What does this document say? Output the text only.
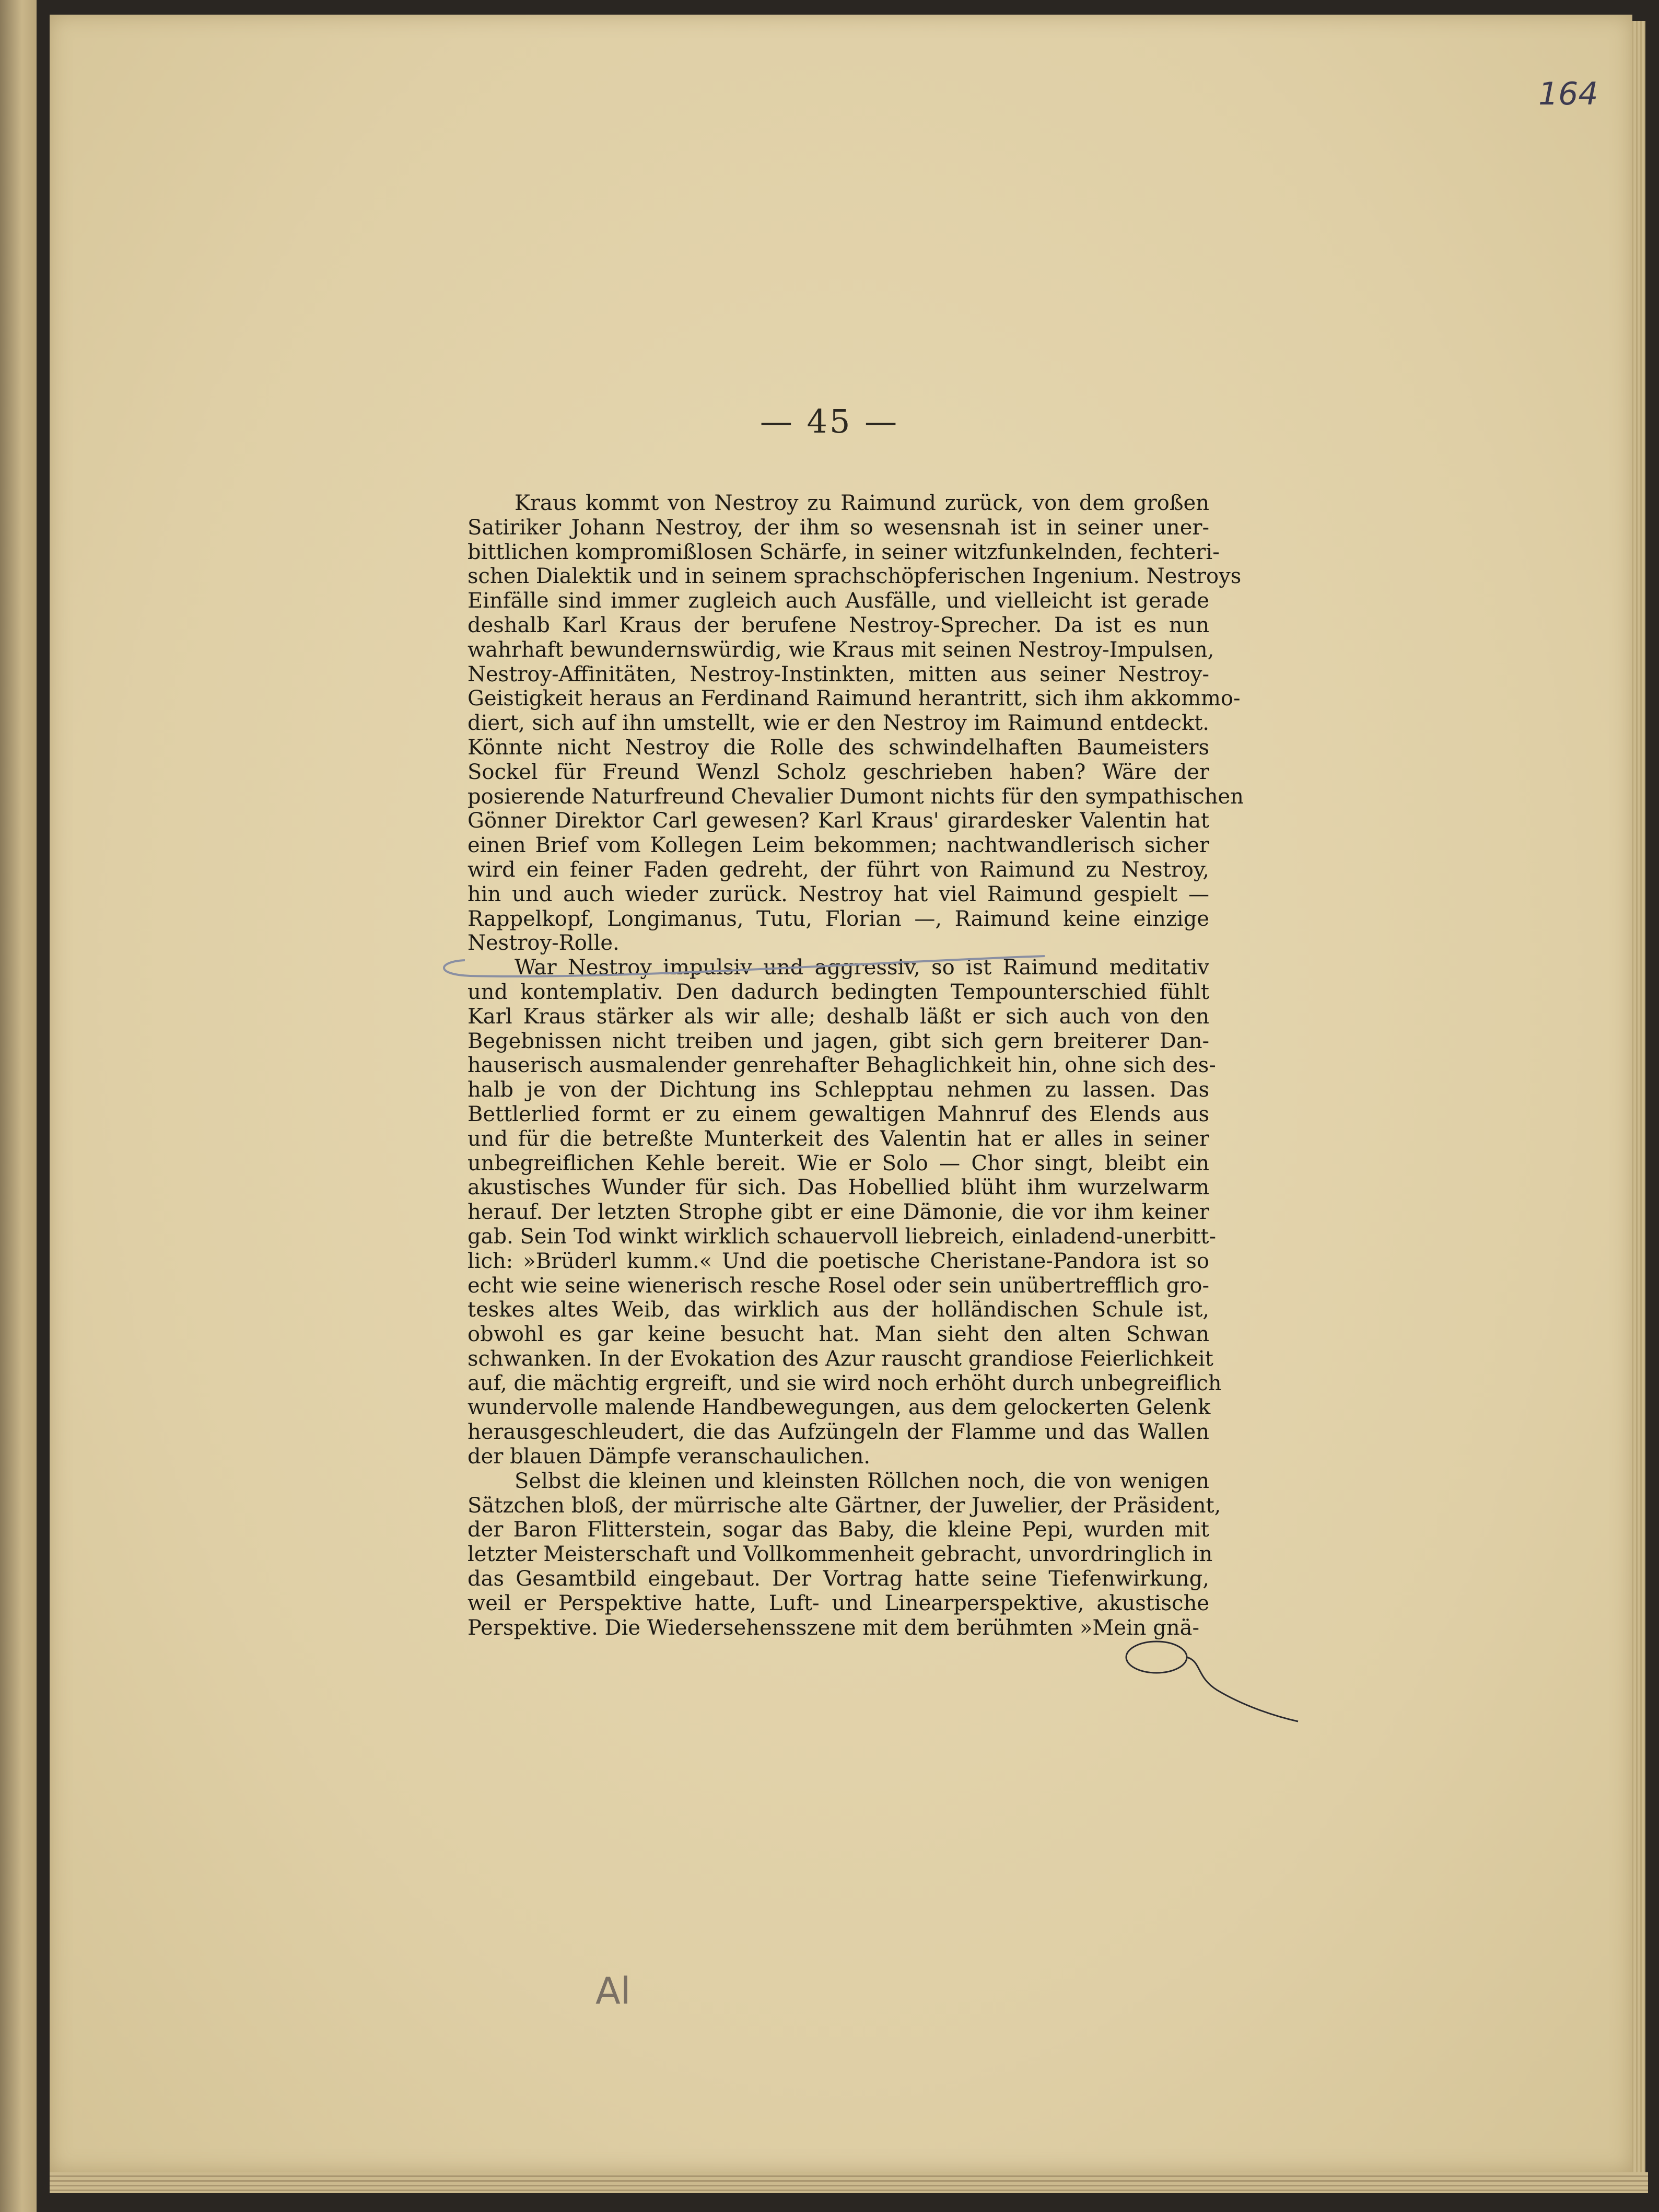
164
— 45 —
Kraus kommt von Nestroy zu Raimund zurück, von dem großen
Satiriker Johann Nestroy, der ihm so wesensnah ist in seiner uner-
bittlichen kompromißlosen Schärfe, in seiner witzfunkelnden, fechteri-
schen Dialektik und in seinem sprachschöpferischen Ingenium. Nestroys
Einfälle sind immer zugleich auch Ausfälle, und vielleicht ist gerade
deshalb Karl Kraus der berufene Nestroy-Sprecher. Da ist es nun
wahrhaft bewundernswürdig, wie Kraus mit seinen Nestroy-Impulsen,
Nestroy-Affinitäten, Nestroy-Instinkten, mitten aus seiner Nestroy-
Geistigkeit heraus an Ferdinand Raimund herantritt, sich ihm akkommo-
diert, sich auf ihn umstellt, wie er den Nestroy im Raimund entdeckt.
Könnte nicht Nestroy die Rolle des schwindelhaften Baumeisters
Sockel für Freund Wenzl Scholz geschrieben haben? Wäre der
posierende Naturfreund Chevalier Dumont nichts für den sympathischen
Gönner Direktor Carl gewesen? Karl Kraus' girardesker Valentin hat
einen Brief vom Kollegen Leim bekommen; nachtwandlerisch sicher
wird ein feiner Faden gedreht, der führt von Raimund zu Nestroy,
hin und auch wieder zurück. Nestroy hat viel Raimund gespielt —
Rappelkopf, Longimanus, Tutu, Florian —, Raimund keine einzige
Nestroy-Rolle.
War Nestroy impulsiv und aggressiv, so ist Raimund meditativ
und kontemplativ. Den dadurch bedingten Tempounterschied fühlt
Karl Kraus stärker als wir alle; deshalb läßt er sich auch von den
Begebnissen nicht treiben und jagen, gibt sich gern breiterer Dan-
hauserisch ausmalender genrehafter Behaglichkeit hin, ohne sich des-
halb je von der Dichtung ins Schlepptau nehmen zu lassen. Das
Bettlerlied formt er zu einem gewaltigen Mahnruf des Elends aus
und für die betreßte Munterkeit des Valentin hat er alles in seiner
unbegreiflichen Kehle bereit. Wie er Solo — Chor singt, bleibt ein
akustisches Wunder für sich. Das Hobellied blüht ihm wurzelwarm
herauf. Der letzten Strophe gibt er eine Dämonie, die vor ihm keiner
gab. Sein Tod winkt wirklich schauervoll liebreich, einladend-unerbitt-
lich: »Brüderl kumm.« Und die poetische Cheristane-Pandora ist so
echt wie seine wienerisch resche Rosel oder sein unübertrefflich gro-
teskes altes Weib, das wirklich aus der holländischen Schule ist,
obwohl es gar keine besucht hat. Man sieht den alten Schwan
schwanken. In der Evokation des Azur rauscht grandiose Feierlichkeit
auf, die mächtig ergreift, und sie wird noch erhöht durch unbegreiflich
wundervolle malende Handbewegungen, aus dem gelockerten Gelenk
herausgeschleudert, die das Aufzüngeln der Flamme und das Wallen
der blauen Dämpfe veranschaulichen.
Selbst die kleinen und kleinsten Röllchen noch, die von wenigen
Sätzchen bloß, der mürrische alte Gärtner, der Juwelier, der Präsident,
der Baron Flitterstein, sogar das Baby, die kleine Pepi, wurden mit
letzter Meisterschaft und Vollkommenheit gebracht, unvordringlich in
das Gesamtbild eingebaut. Der Vortrag hatte seine Tiefenwirkung,
weil er Perspektive hatte, Luft- und Linearperspektive, akustische
Perspektive. Die Wiedersehensszene mit dem berühmten »Mein gnä-
Al
